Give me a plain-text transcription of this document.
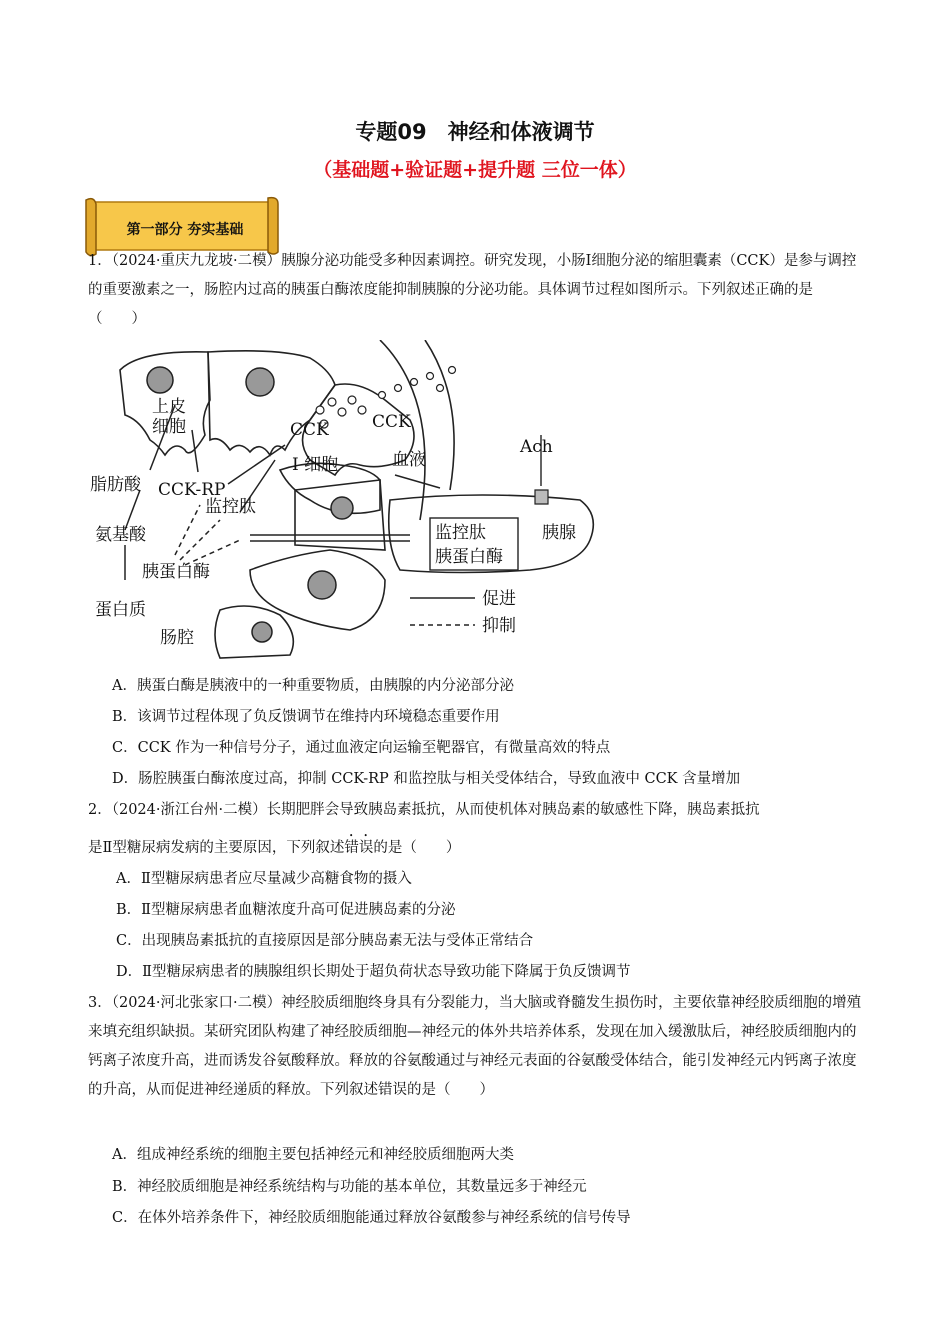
专题09　神经和体液调节
（基础题+验证题+提升题 三位一体）
第一部分 夯实基础
1．（2024·重庆九龙坡·二模）胰腺分泌功能受多种因素调控。研究发现，小肠I细胞分泌的缩胆囊素（CCK）是参与调控的重要激素之一，肠腔内过高的胰蛋白酶浓度能抑制胰腺的分泌功能。具体调节过程如图所示。下列叙述正确的是（　　）
上皮
细胞	CCK	CCK
I 细胞	血液
Ach
脂肪酸 CCK-RP
监控肽
氨基酸
胰蛋白酶
蛋白质
肠腔
监控肽
胰蛋白酶
胰腺
促进
抑制
A．胰蛋白酶是胰液中的一种重要物质，由胰腺的内分泌部分泌
B．该调节过程体现了负反馈调节在维持内环境稳态重要作用
C．CCK 作为一种信号分子，通过血液定向运输至靶器官，有微量高效的特点
D．肠腔胰蛋白酶浓度过高，抑制 CCK-RP 和监控肽与相关受体结合，导致血液中 CCK 含量增加
2．（2024·浙江台州·二模）长期肥胖会导致胰岛素抵抗，从而使机体对胰岛素的敏感性下降，胰岛素抵抗
是Ⅱ型糖尿病发病的主要原因，下列叙述错误的是（　　）
A．Ⅱ型糖尿病患者应尽量减少高糖食物的摄入
B．Ⅱ型糖尿病患者血糖浓度升高可促进胰岛素的分泌
C．出现胰岛素抵抗的直接原因是部分胰岛素无法与受体正常结合
D．Ⅱ型糖尿病患者的胰腺组织长期处于超负荷状态导致功能下降属于负反馈调节
3．（2024·河北张家口·二模）神经胶质细胞终身具有分裂能力，当大脑或脊髓发生损伤时，主要依靠神经胶质细胞的增殖来填充组织缺损。某研究团队构建了神经胶质细胞—神经元的体外共培养体系，发现在加入缓激肽后，神经胶质细胞内的钙离子浓度升高，进而诱发谷氨酸释放。释放的谷氨酸通过与神经元表面的谷氨酸受体结合，能引发神经元内钙离子浓度的升高，从而促进神经递质的释放。下列叙述错误的是（　　）
A．组成神经系统的细胞主要包括神经元和神经胶质细胞两大类
B．神经胶质细胞是神经系统结构与功能的基本单位，其数量远多于神经元
C．在体外培养条件下，神经胶质细胞能通过释放谷氨酸参与神经系统的信号传导
